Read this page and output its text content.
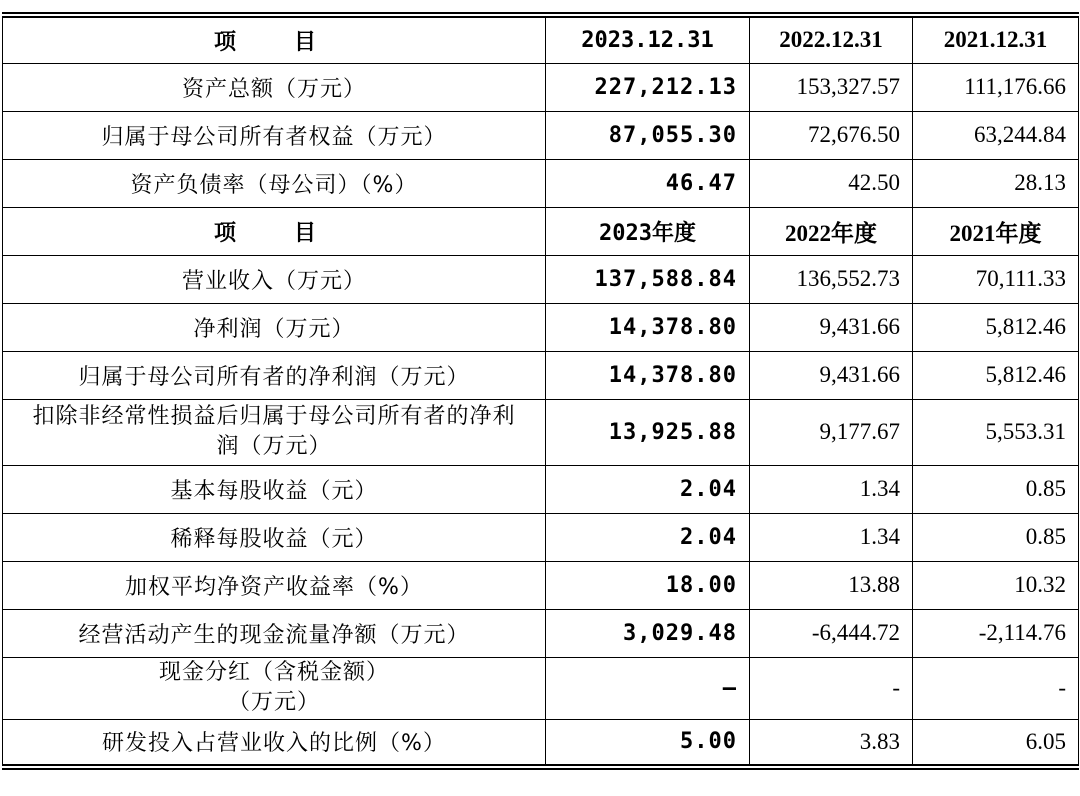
项　目	2023.12.31	2022.12.31	2021.12.31
资产总额（万元）	227,212.13	153,327.57	111,176.66
归属于母公司所有者权益（万元）	87,055.30	72,676.50	63,244.84
资产负债率（母公司）（%）	46.47	42.50	28.13
项　目	2023年度	2022年度	2021年度
营业收入（万元）	137,588.84	136,552.73	70,111.33
净利润（万元）	14,378.80	9,431.66	5,812.46
归属于母公司所有者的净利润（万元）	14,378.80	9,431.66	5,812.46
扣除非经常性损益后归属于母公司所有者的净利润（万元）	13,925.88	9,177.67	5,553.31
基本每股收益（元）	2.04	1.34	0.85
稀释每股收益（元）	2.04	1.34	0.85
加权平均净资产收益率（%）	18.00	13.88	10.32
经营活动产生的现金流量净额（万元）	3,029.48	-6,444.72	-2,114.76
现金分红（含税金额）（万元）	–	-	-
研发投入占营业收入的比例（%）	5.00	3.83	6.05
